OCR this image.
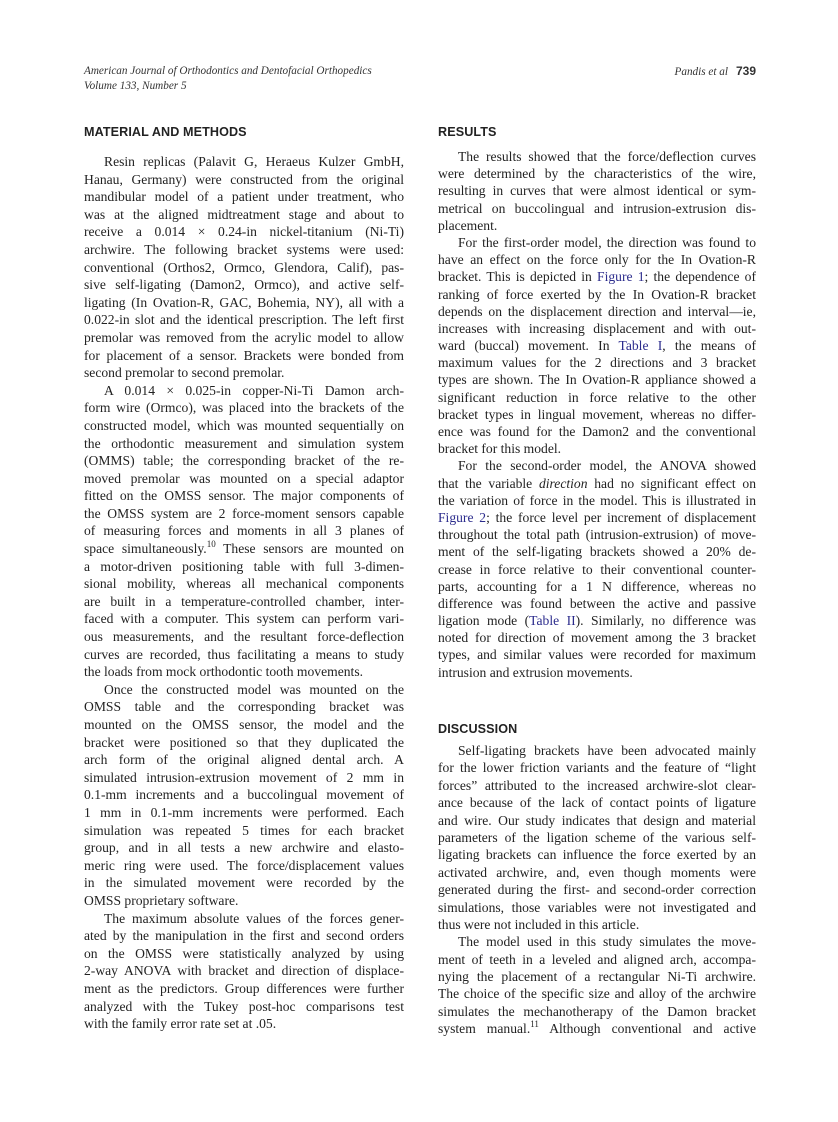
American Journal of Orthodontics and Dentofacial Orthopedics
Volume 133, Number 5
Pandis et al 739
MATERIAL AND METHODS
Resin replicas (Palavit G, Heraeus Kulzer GmbH,
Hanau, Germany) were constructed from the original
mandibular model of a patient under treatment, who
was at the aligned midtreatment stage and about to
receive a 0.014 × 0.24-in nickel-titanium (Ni-Ti)
archwire. The following bracket systems were used:
conventional (Orthos2, Ormco, Glendora, Calif), pas-
sive self-ligating (Damon2, Ormco), and active self-
ligating (In Ovation-R, GAC, Bohemia, NY), all with a
0.022-in slot and the identical prescription. The left first
premolar was removed from the acrylic model to allow
for placement of a sensor. Brackets were bonded from
second premolar to second premolar.
A 0.014 × 0.025-in copper-Ni-Ti Damon arch-
form wire (Ormco), was placed into the brackets of the
constructed model, which was mounted sequentially on
the orthodontic measurement and simulation system
(OMMS) table; the corresponding bracket of the re-
moved premolar was mounted on a special adaptor
fitted on the OMSS sensor. The major components of
the OMSS system are 2 force-moment sensors capable
of measuring forces and moments in all 3 planes of
space simultaneously.$^{10}$ These sensors are mounted on
a motor-driven positioning table with full 3-dimen-
sional mobility, whereas all mechanical components
are built in a temperature-controlled chamber, inter-
faced with a computer. This system can perform vari-
ous measurements, and the resultant force-deflection
curves are recorded, thus facilitating a means to study
the loads from mock orthodontic tooth movements.
Once the constructed model was mounted on the
OMSS table and the corresponding bracket was
mounted on the OMSS sensor, the model and the
bracket were positioned so that they duplicated the
arch form of the original aligned dental arch. A
simulated intrusion-extrusion movement of 2 mm in
0.1-mm increments and a buccolingual movement of
1 mm in 0.1-mm increments were performed. Each
simulation was repeated 5 times for each bracket
group, and in all tests a new archwire and elasto-
meric ring were used. The force/displacement values
in the simulated movement were recorded by the
OMSS proprietary software.
The maximum absolute values of the forces gener-
ated by the manipulation in the first and second orders
on the OMSS were statistically analyzed by using
2-way ANOVA with bracket and direction of displace-
ment as the predictors. Group differences were further
analyzed with the Tukey post-hoc comparisons test
with the family error rate set at .05.
RESULTS
The results showed that the force/deflection curves
were determined by the characteristics of the wire,
resulting in curves that were almost identical or sym-
metrical on buccolingual and intrusion-extrusion dis-
placement.
For the first-order model, the direction was found to
have an effect on the force only for the In Ovation-R
bracket. This is depicted in Figure 1; the dependence of
ranking of force exerted by the In Ovation-R bracket
depends on the displacement direction and interval—ie,
increases with increasing displacement and with out-
ward (buccal) movement. In Table I, the means of
maximum values for the 2 directions and 3 bracket
types are shown. The In Ovation-R appliance showed a
significant reduction in force relative to the other
bracket types in lingual movement, whereas no differ-
ence was found for the Damon2 and the conventional
bracket for this model.
For the second-order model, the ANOVA showed
that the variable direction had no significant effect on
the variation of force in the model. This is illustrated in
Figure 2; the force level per increment of displacement
throughout the total path (intrusion-extrusion) of move-
ment of the self-ligating brackets showed a 20% de-
crease in force relative to their conventional counter-
parts, accounting for a 1 N difference, whereas no
difference was found between the active and passive
ligation mode (Table II). Similarly, no difference was
noted for direction of movement among the 3 bracket
types, and similar values were recorded for maximum
intrusion and extrusion movements.
DISCUSSION
Self-ligating brackets have been advocated mainly
for the lower friction variants and the feature of “light
forces” attributed to the increased archwire-slot clear-
ance because of the lack of contact points of ligature
and wire. Our study indicates that design and material
parameters of the ligation scheme of the various self-
ligating brackets can influence the force exerted by an
activated archwire, and, even though moments were
generated during the first- and second-order correction
simulations, those variables were not investigated and
thus were not included in this article.
The model used in this study simulates the move-
ment of teeth in a leveled and aligned arch, accompa-
nying the placement of a rectangular Ni-Ti archwire.
The choice of the specific size and alloy of the archwire
simulates the mechanotherapy of the Damon bracket
system manual.$^{11}$ Although conventional and active
